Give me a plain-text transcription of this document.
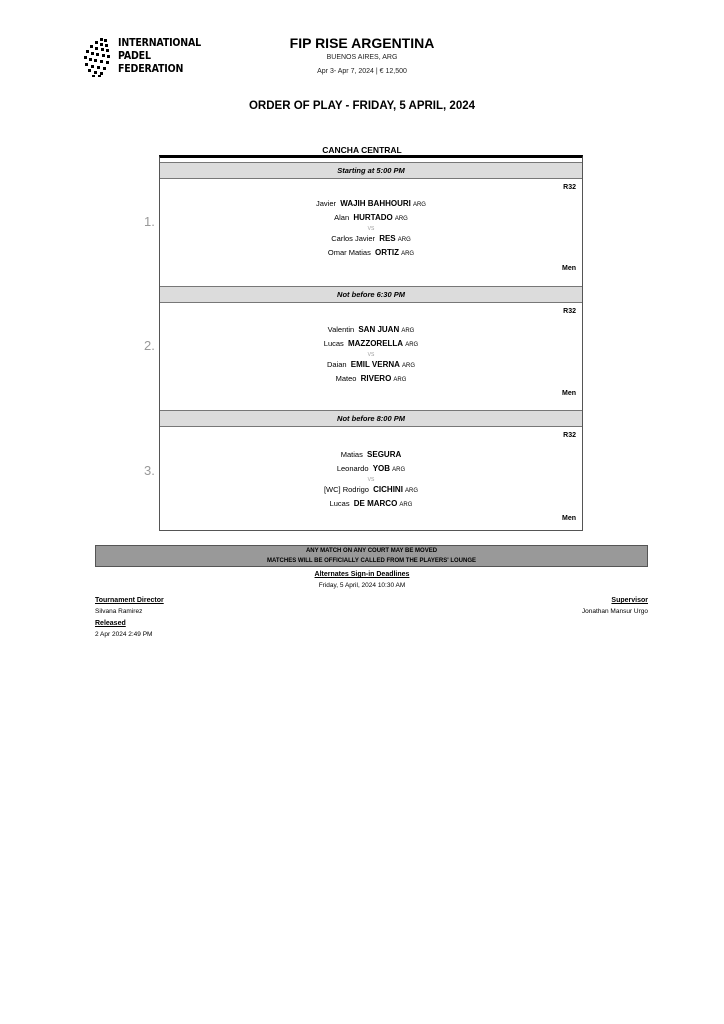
INTERNATIONAL
PADEL
FEDERATION
FIP RISE ARGENTINA
BUENOS AIRES, ARG
Apr 3- Apr 7, 2024 | € 12,500
ORDER OF PLAY - FRIDAY, 5 APRIL, 2024
CANCHA CENTRAL
Starting at 5:00 PM
1.
R32
Javier WAJIH BAHHOURI ARG
Alan HURTADO ARG
VS
Carlos Javier RES ARG
Omar Matias ORTIZ ARG
Men
Not before 6:30 PM
2.
R32
Valentin SAN JUAN ARG
Lucas MAZZORELLA ARG
VS
Daian EMIL VERNA ARG
Mateo RIVERO ARG
Men
Not before 8:00 PM
3.
R32
Matias SEGURA
Leonardo YOB ARG
VS
[WC] Rodrigo CICHINI ARG
Lucas DE MARCO ARG
Men
ANY MATCH ON ANY COURT MAY BE MOVED
MATCHES WILL BE OFFICIALLY CALLED FROM THE PLAYERS' LOUNGE
Alternates Sign-in Deadlines
Friday, 5 April, 2024 10:30 AM
Tournament Director
Silvana Ramirez
Supervisor
Jonathan Mansur Urgo
Released
2 Apr 2024 2:49 PM
